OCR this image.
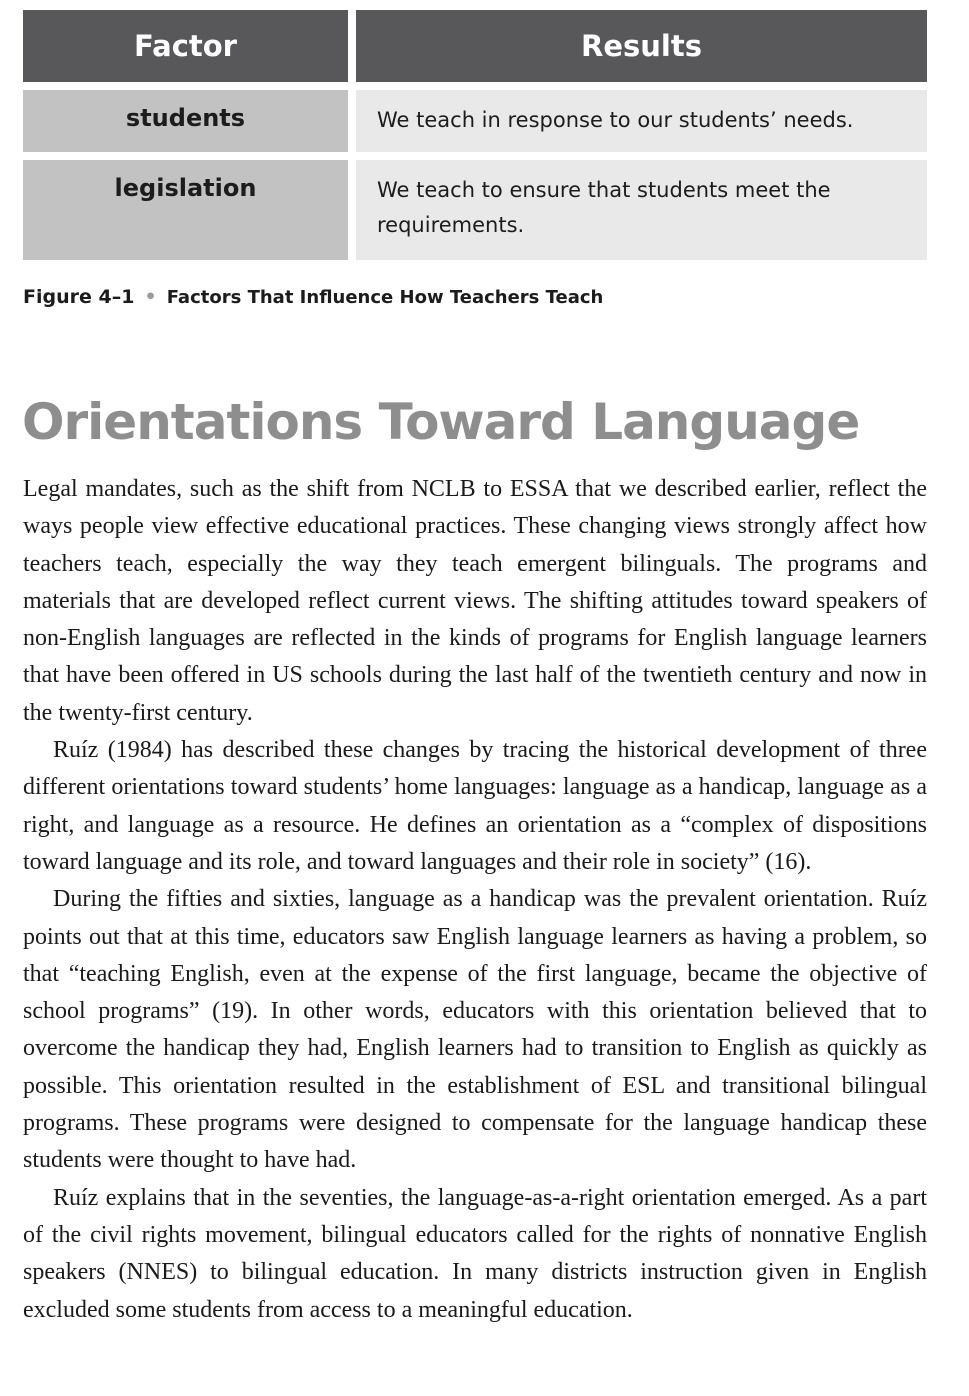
Factor	Results
students	We teach in response to our students’ needs.
legislation	We teach to ensure that students meet the requirements.
Figure 4–1 • Factors That Influence How Teachers Teach
Orientations Toward Language

Legal mandates, such as the shift from NCLB to ESSA that we described earlier, reflect the ways people view effective educational practices. These changing views strongly affect how teachers teach, especially the way they teach emergent bilinguals. The programs and materials that are developed reflect current views. The shifting attitudes toward speakers of non-English languages are reflected in the kinds of programs for English language learners that have been offered in US schools during the last half of the twentieth century and now in the twenty-first century.

Ruíz (1984) has described these changes by tracing the historical development of three different orientations toward students’ home languages: language as a handicap, language as a right, and language as a resource. He defines an orientation as a “complex of dispositions toward language and its role, and toward languages and their role in society” (16).

During the fifties and sixties, language as a handicap was the prevalent orientation. Ruíz points out that at this time, educators saw English language learners as having a problem, so that “teaching English, even at the expense of the first language, became the objective of school programs” (19). In other words, educators with this orientation believed that to overcome the handicap they had, English learners had to transition to English as quickly as possible. This orientation resulted in the establishment of ESL and transitional bilingual programs. These programs were designed to compensate for the language handicap these students were thought to have had.

Ruíz explains that in the seventies, the language-as-a-right orientation emerged. As a part of the civil rights movement, bilingual educators called for the rights of nonnative English speakers (NNES) to bilingual education. In many districts instruction given in English excluded some students from access to a meaningful education.
